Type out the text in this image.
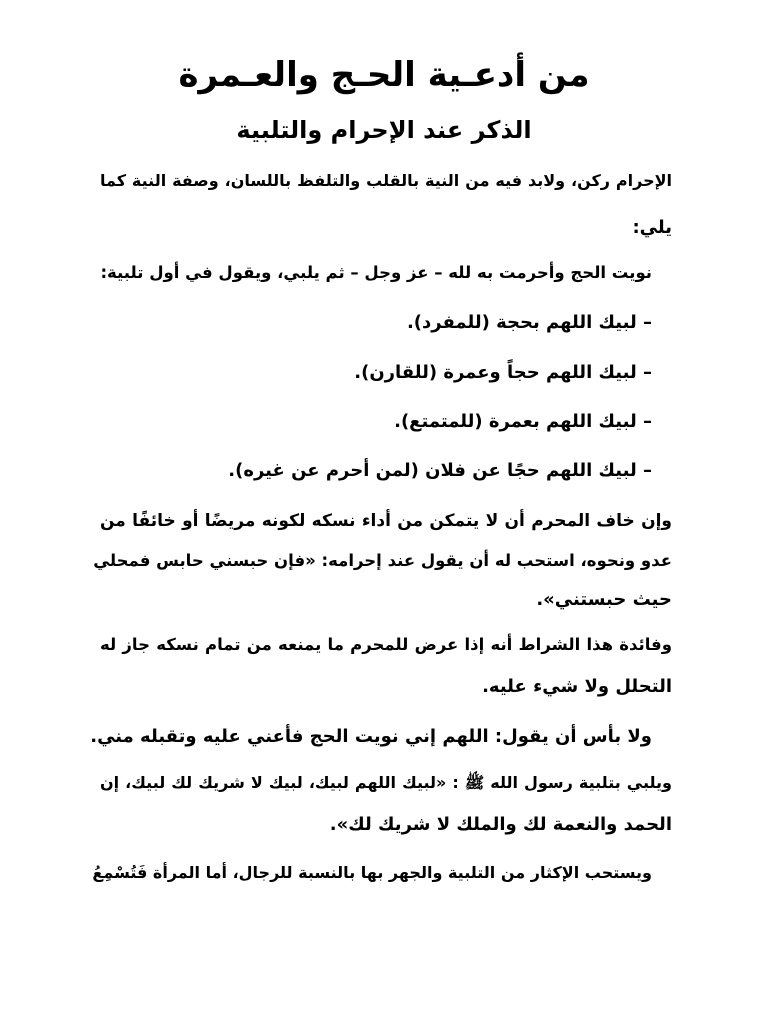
من أدعـية الحـج والعـمرة
الذكر عند الإحرام والتلبية
الإحرام ركن، ولابد فيه من النية بالقلب والتلفظ باللسان، وصفة النية كما
يلي:
نويت الحج وأحرمت به لله – عز وجل – ثم يلبي، ويقول في أول تلبية:
– لبيك اللهم بحجة (للمفرد).
– لبيك اللهم حجاً وعمرة (للقارن).
– لبيك اللهم بعمرة (للمتمتع).
– لبيك اللهم حجًا عن فلان (لمن أحرم عن غيره).
وإن خاف المحرم أن لا يتمكن من أداء نسكه لكونه مريضًا أو خائفًا من
عدو ونحوه، استحب له أن يقول عند إحرامه: «فإن حبسني حابس فمحلي
حيث حبستني».
وفائدة هذا الشراط أنه إذا عرض للمحرم ما يمنعه من تمام نسكه جاز له
التحلل ولا شيء عليه.
ولا بأس أن يقول: اللهم إني نويت الحج فأعني عليه وتقبله مني.
ويلبي بتلبية رسول الله ﷺ : «لبيك اللهم لبيك، لبيك لا شريك لك لبيك، إن
الحمد والنعمة لك والملك لا شريك لك».
ويستحب الإكثار من التلبية والجهر بها بالنسبة للرجال، أما المرأة فَتُسْمِعُ
